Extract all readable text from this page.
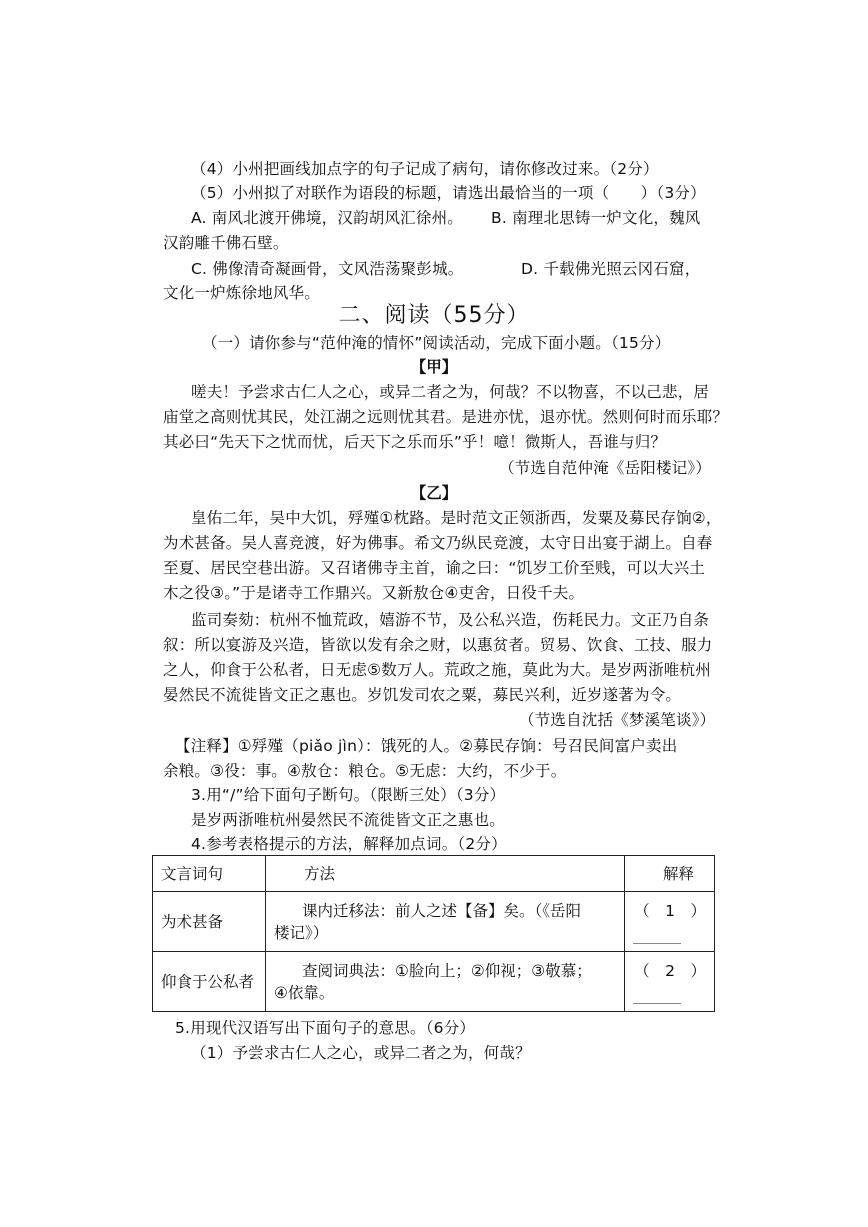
（4）小州把画线加点字的句子记成了病句，请你修改过来。（2分）
（5）小州拟了对联作为语段的标题，请选出最恰当的一项（　　）（3分）
A. 南风北渡开佛境，汉韵胡风汇徐州。 B. 南理北思铸一炉文化，魏风
汉韵雕千佛石壁。
C. 佛像清奇凝画骨，文风浩荡聚彭城。	D. 千载佛光照云冈石窟，
文化一炉炼徐地风华。
二、阅读（55分）
（一）请你参与“范仲淹的情怀”阅读活动，完成下面小题。（15分）
【甲】
嗟夫！予尝求古仁人之心，或异二者之为，何哉？不以物喜，不以己悲，居
庙堂之高则忧其民，处江湖之远则忧其君。是进亦忧，退亦忧。然则何时而乐耶？
其必曰“先天下之忧而忧，后天下之乐而乐”乎！噫！微斯人，吾谁与归？
（节选自范仲淹《岳阳楼记》）
【乙】
皇佑二年，吴中大饥，殍殣①枕路。是时范文正领浙西，发粟及募民存饷②，
为术甚备。吴人喜竞渡，好为佛事。希文乃纵民竞渡，太守日出宴于湖上。自春
至夏、居民空巷出游。又召诸佛寺主首，谕之曰：“饥岁工价至贱，可以大兴土
木之役③。”于是诸寺工作鼎兴。又新敖仓④吏舍，日役千夫。
监司奏劾：杭州不恤荒政，嬉游不节，及公私兴造，伤耗民力。文正乃自条
叙：所以宴游及兴造，皆欲以发有余之财，以惠贫者。贸易、饮食、工技、服力
之人，仰食于公私者，日无虑⑤数万人。荒政之施，莫此为大。是岁两浙唯杭州
晏然民不流徙皆文正之惠也。岁饥发司农之粟，募民兴利，近岁遂著为令。
（节选自沈括《梦溪笔谈》）
【注释】①殍殣（piǎo jìn）：饿死的人。②募民存饷：号召民间富户卖出
余粮。③役：事。④敖仓：粮仓。⑤无虑：大约，不少于。
3.用“/”给下面句子断句。（限断三处）（3分）
是岁两浙唯杭州晏然民不流徙皆文正之惠也。
4.参考表格提示的方法，解释加点词。（2分）
文言词句	方法	解释
为术甚备	课内迁移法：前人之述【备】矣。（《岳阳
楼记》）	（　1　）

仰食于公私者	查阅词典法：①脸向上；②仰视；③敬慕；
④依靠。	（　2　）
5.用现代汉语写出下面句子的意思。（6分）
（1）予尝求古仁人之心，或异二者之为，何哉？
